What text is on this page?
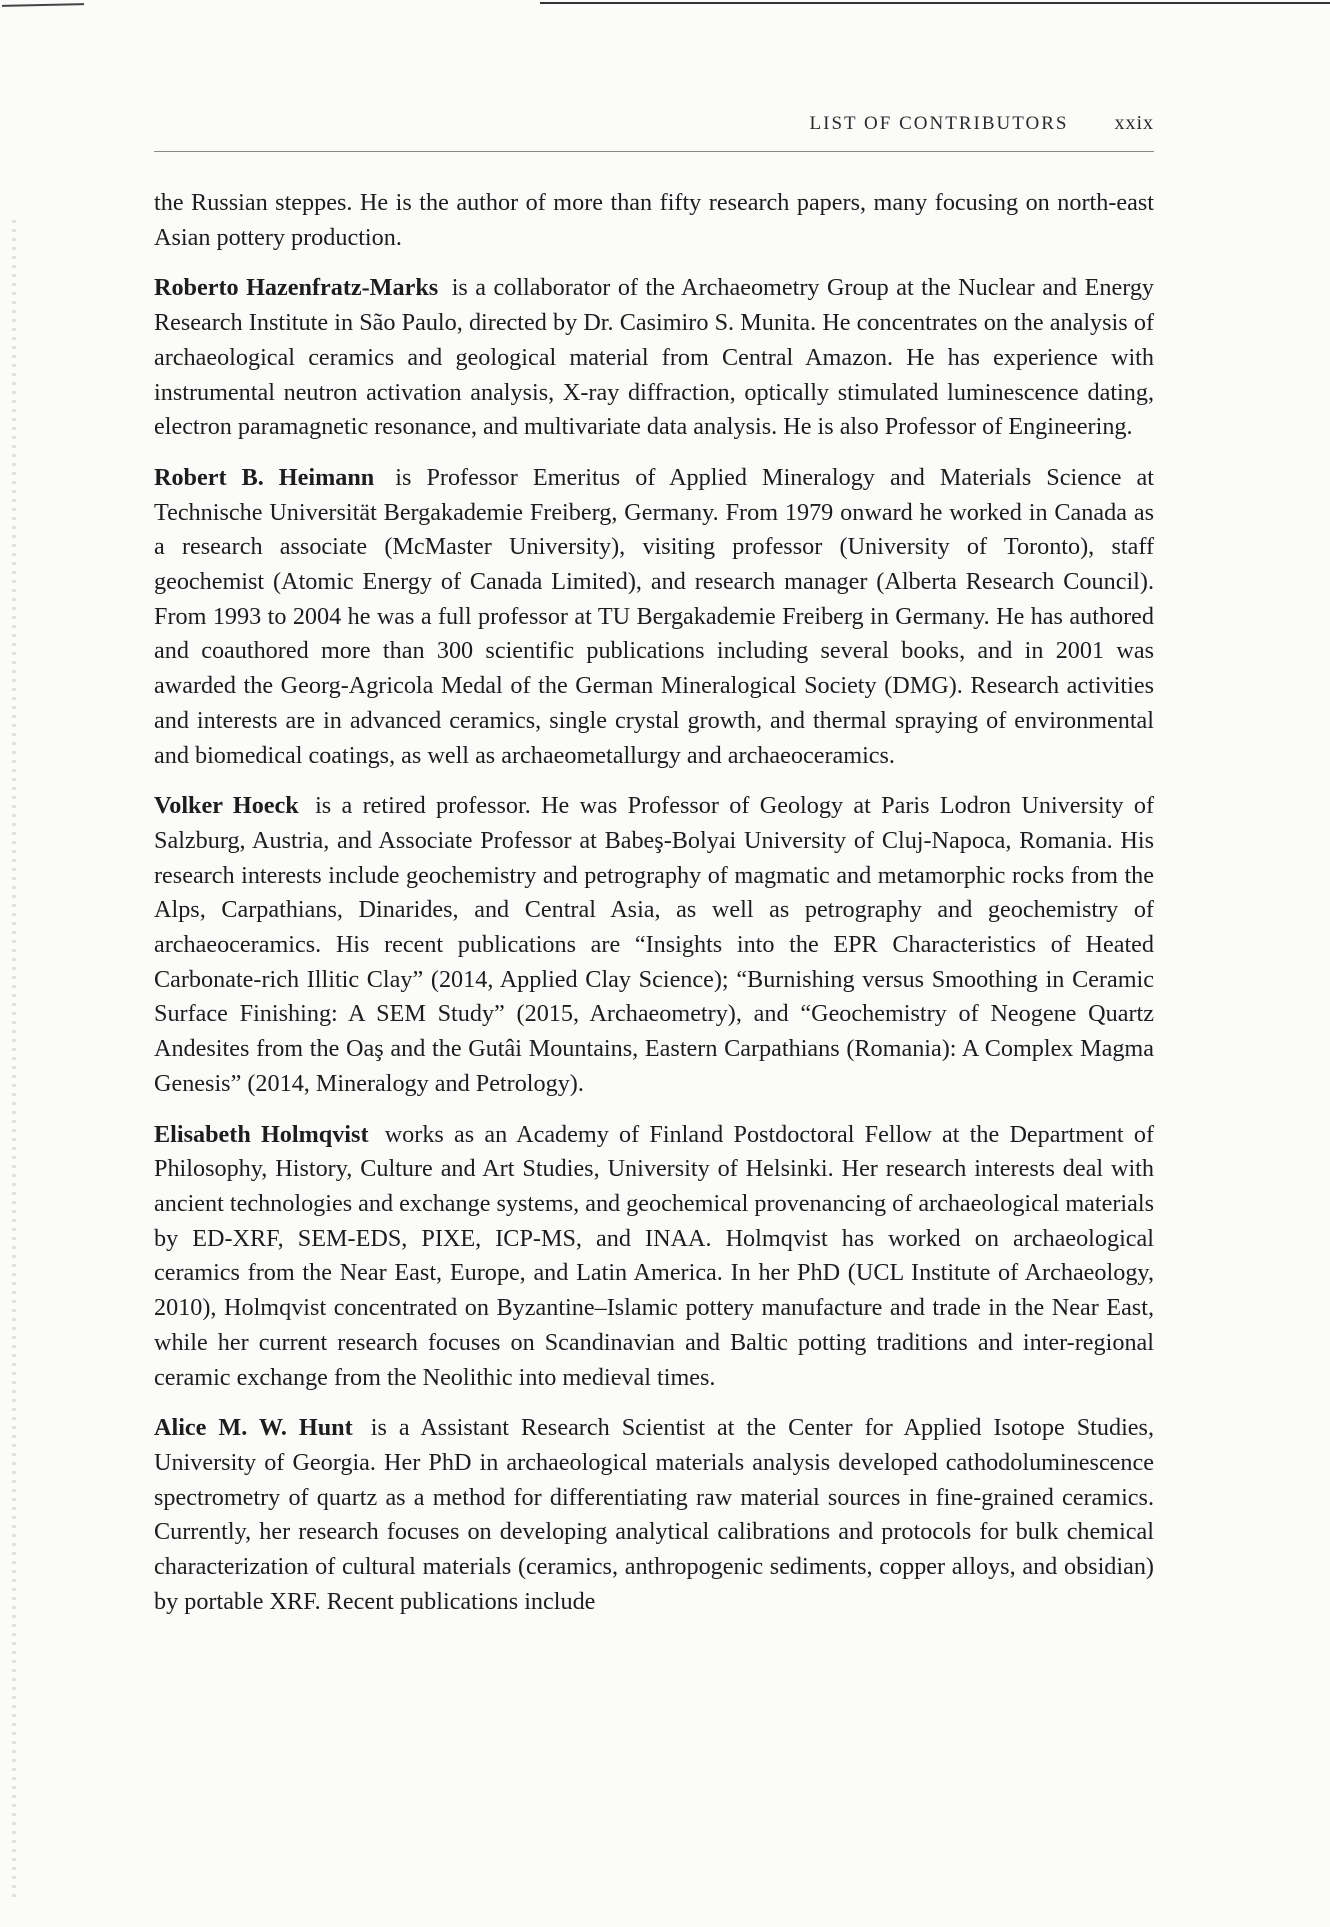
LIST OF CONTRIBUTORS xxix

the Russian steppes. He is the author of more than fifty research papers, many focusing on north-east Asian pottery production.

Roberto Hazenfratz-Marks is a collaborator of the Archaeometry Group at the Nuclear and Energy Research Institute in São Paulo, directed by Dr. Casimiro S. Munita. He concentrates on the analysis of archaeological ceramics and geological material from Central Amazon. He has experience with instrumental neutron activation analysis, X-ray diffraction, optically stimulated luminescence dating, electron paramagnetic resonance, and multivariate data analysis. He is also Professor of Engineering.

Robert B. Heimann is Professor Emeritus of Applied Mineralogy and Materials Science at Technische Universität Bergakademie Freiberg, Germany. From 1979 onward he worked in Canada as a research associate (McMaster University), visiting professor (University of Toronto), staff geochemist (Atomic Energy of Canada Limited), and research manager (Alberta Research Council). From 1993 to 2004 he was a full professor at TU Bergakademie Freiberg in Germany. He has authored and coauthored more than 300 scientific publications including several books, and in 2001 was awarded the Georg-Agricola Medal of the German Mineralogical Society (DMG). Research activities and interests are in advanced ceramics, single crystal growth, and thermal spraying of environmental and biomedical coatings, as well as archaeometallurgy and archaeoceramics.

Volker Hoeck is a retired professor. He was Professor of Geology at Paris Lodron University of Salzburg, Austria, and Associate Professor at Babeş-Bolyai University of Cluj-Napoca, Romania. His research interests include geochemistry and petrography of magmatic and metamorphic rocks from the Alps, Carpathians, Dinarides, and Central Asia, as well as petrography and geochemistry of archaeoceramics. His recent publications are “Insights into the EPR Characteristics of Heated Carbonate-rich Illitic Clay” (2014, Applied Clay Science); “Burnishing versus Smoothing in Ceramic Surface Finishing: A SEM Study” (2015, Archaeometry), and “Geochemistry of Neogene Quartz Andesites from the Oaş and the Gutâi Mountains, Eastern Carpathians (Romania): A Complex Magma Genesis” (2014, Mineralogy and Petrology).

Elisabeth Holmqvist works as an Academy of Finland Postdoctoral Fellow at the Department of Philosophy, History, Culture and Art Studies, University of Helsinki. Her research interests deal with ancient technologies and exchange systems, and geochemical provenancing of archaeological materials by ED-XRF, SEM-EDS, PIXE, ICP-MS, and INAA. Holmqvist has worked on archaeological ceramics from the Near East, Europe, and Latin America. In her PhD (UCL Institute of Archaeology, 2010), Holmqvist concentrated on Byzantine–Islamic pottery manufacture and trade in the Near East, while her current research focuses on Scandinavian and Baltic potting traditions and inter-regional ceramic exchange from the Neolithic into medieval times.

Alice M. W. Hunt is a Assistant Research Scientist at the Center for Applied Isotope Studies, University of Georgia. Her PhD in archaeological materials analysis developed cathodoluminescence spectrometry of quartz as a method for differentiating raw material sources in fine-grained ceramics. Currently, her research focuses on developing analytical calibrations and protocols for bulk chemical characterization of cultural materials (ceramics, anthropogenic sediments, copper alloys, and obsidian) by portable XRF. Recent publications include
